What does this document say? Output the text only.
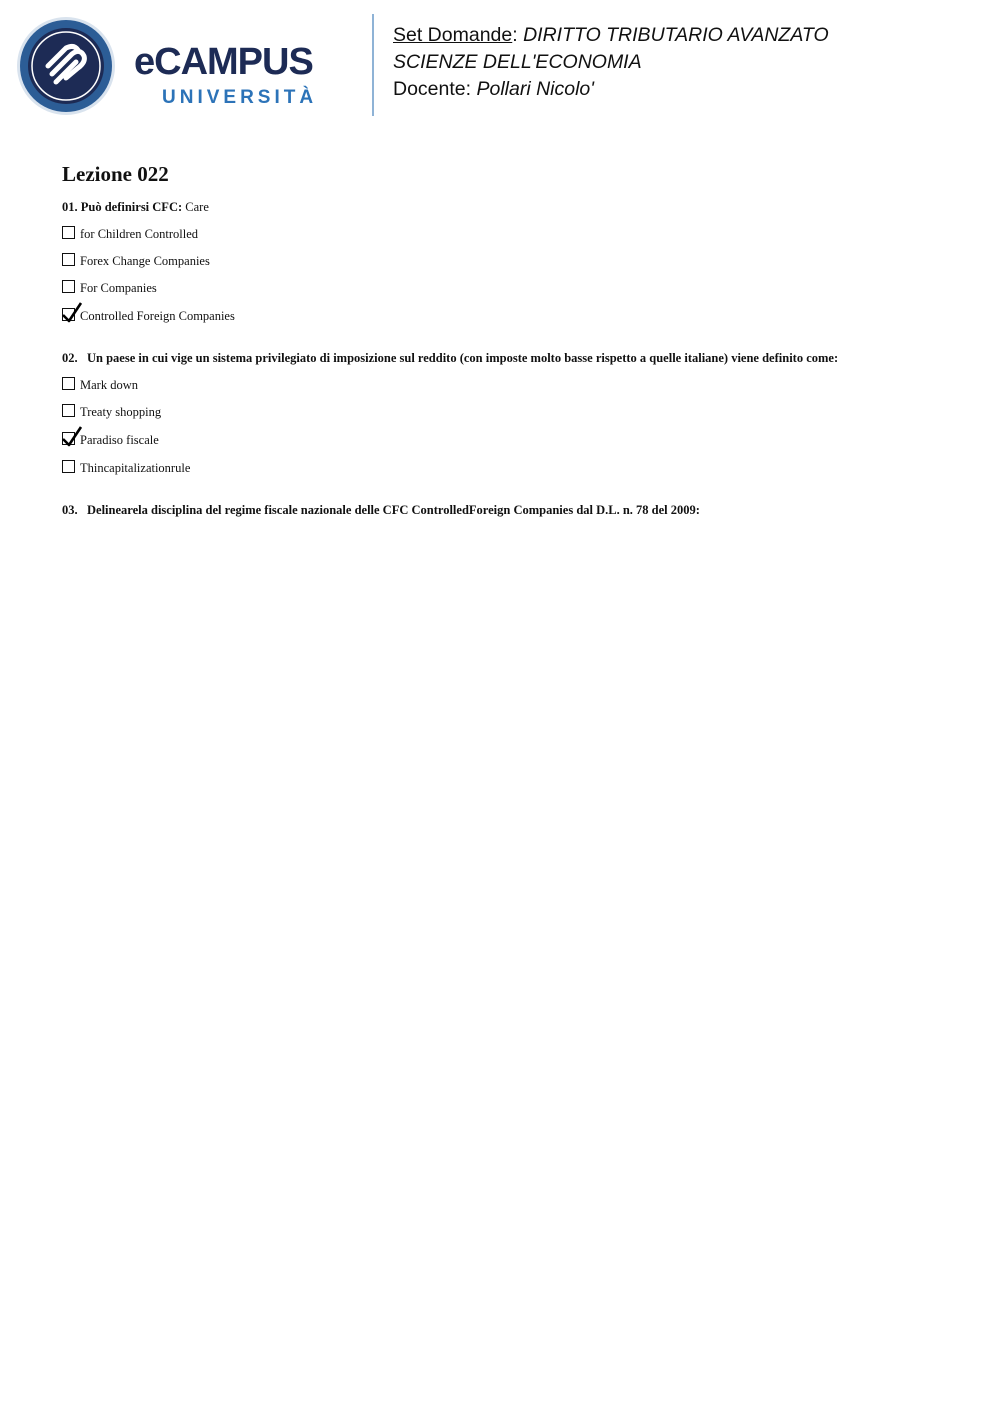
eCAMPUS
UNIVERSITÀ
Set Domande: DIRITTO TRIBUTARIO AVANZATO
SCIENZE DELL'ECONOMIA
Docente: Pollari Nicolo'
Lezione 022

01. Può definirsi CFC: Care

for Children Controlled
Forex Change Companies
For Companies
Controlled Foreign Companies

02. Un paese in cui vige un sistema privilegiato di imposizione sul reddito (con imposte molto basse rispetto a quelle italiane) viene definito come:

Mark down
Treaty shopping
Paradiso fiscale
Thincapitalizationrule

03. Delinearela disciplina del regime fiscale nazionale delle CFC ControlledForeign Companies dal D.L. n. 78 del 2009:
